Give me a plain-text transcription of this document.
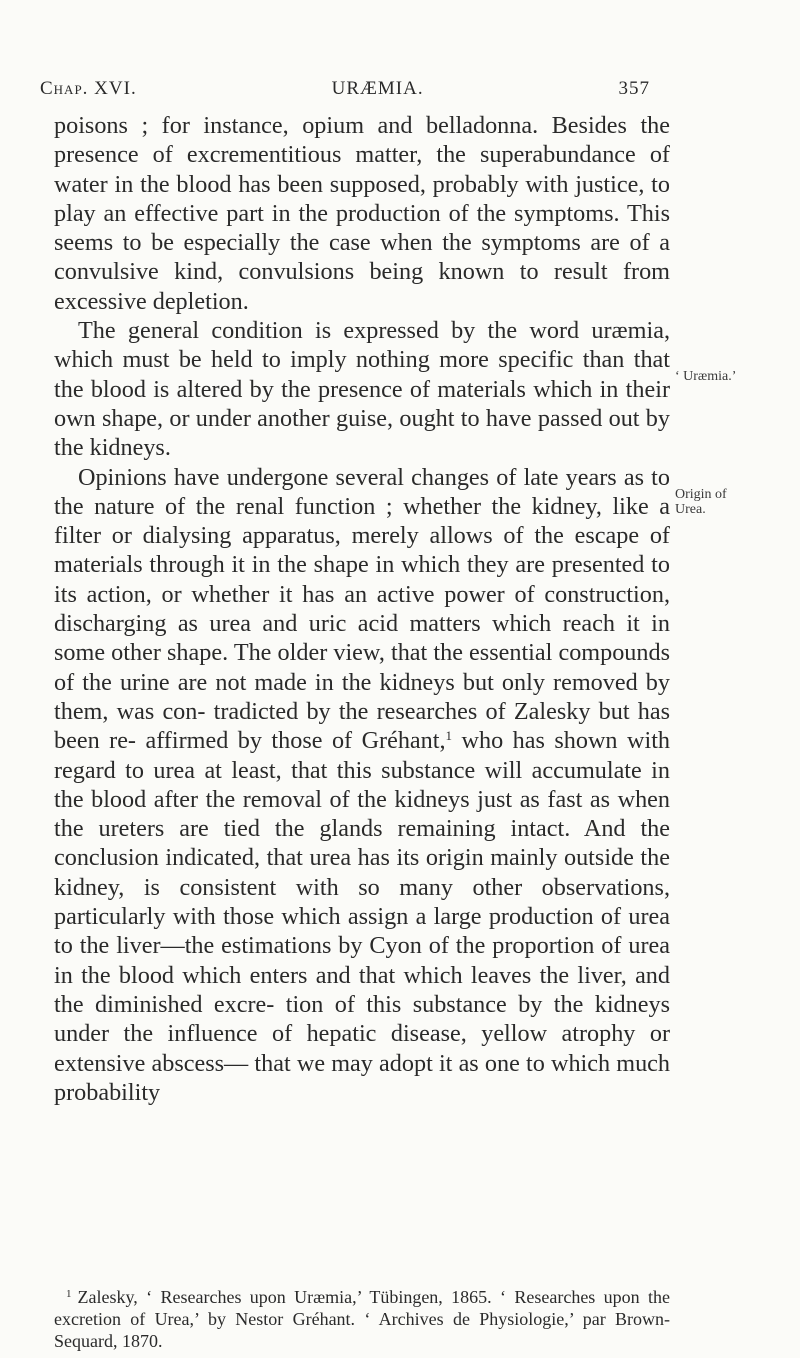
Chap. XVI.	URÆMIA.	357

poisons ; for instance, opium and belladonna. Besides the presence of excrementitious matter, the superabundance of water in the blood has been supposed, probably with justice, to play an effective part in the production of the symptoms. This seems to be especially the case when the symptoms are of a convulsive kind, convulsions being known to result from excessive depletion.

The general condition is expressed by the word uræmia, which must be held to imply nothing more specific than that the blood is altered by the presence of materials which in their own shape, or under another guise, ought to have passed out by the kidneys.

Opinions have undergone several changes of late years as to the nature of the renal function ; whether the kidney, like a filter or dialysing apparatus, merely allows of the escape of materials through it in the shape in which they are presented to its action, or whether it has an active power of construction, discharging as urea and uric acid matters which reach it in some other shape. The older view, that the essential compounds of the urine are not made in the kidneys but only removed by them, was con- tradicted by the researches of Zalesky but has been re- affirmed by those of Gréhant,$^1$ who has shown with regard to urea at least, that this substance will accumulate in the blood after the removal of the kidneys just as fast as when the ureters are tied the glands remaining intact. And the conclusion indicated, that urea has its origin mainly outside the kidney, is consistent with so many other observations, particularly with those which assign a large production of urea to the liver—the estimations by Cyon of the proportion of urea in the blood which enters and that which leaves the liver, and the diminished excre- tion of this substance by the kidneys under the influence of hepatic disease, yellow atrophy or extensive abscess— that we may adopt it as one to which much probability

‘ Uræmia.’
Origin of Urea.

$^1$ Zalesky, ‘ Researches upon Uræmia,’ Tübingen, 1865. ‘ Researches upon the excretion of Urea,’ by Nestor Gréhant. ‘ Archives de Physiologie,’ par Brown-Sequard, 1870.
